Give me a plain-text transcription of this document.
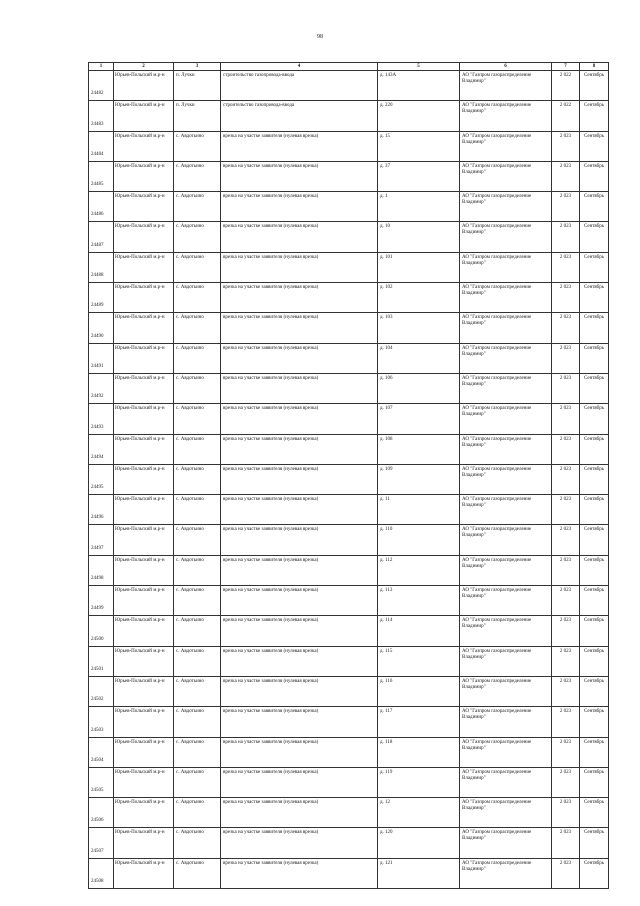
98
1	2	3	4	5	6	7	8
24482	Юрьев-Польский м.р-н	п. Лучки	строительство газопровода-ввода	д. 143А	АО "Газпром газораспределение Владимир"	2 022	Сентябрь
24483	Юрьев-Польский м.р-н	п. Лучки	строительство газопровода-ввода	д. 220	АО "Газпром газораспределение Владимир"	2 022	Сентябрь
24484	Юрьев-Польский м.р-н	с. Авдотьино	врезка на участке заявителя (нулевая врезка)	д. 15	АО "Газпром газораспределение Владимир"	2 023	Сентябрь
24485	Юрьев-Польский м.р-н	с. Авдотьино	врезка на участке заявителя (нулевая врезка)	д. 37	АО "Газпром газораспределение Владимир"	2 023	Сентябрь
24486	Юрьев-Польский м.р-н	с. Авдотьино	врезка на участке заявителя (нулевая врезка)	д. 1	АО "Газпром газораспределение Владимир"	2 023	Сентябрь
24487	Юрьев-Польский м.р-н	с. Авдотьино	врезка на участке заявителя (нулевая врезка)	д. 10	АО "Газпром газораспределение Владимир"	2 023	Сентябрь
24488	Юрьев-Польский м.р-н	с. Авдотьино	врезка на участке заявителя (нулевая врезка)	д. 101	АО "Газпром газораспределение Владимир"	2 023	Сентябрь
24489	Юрьев-Польский м.р-н	с. Авдотьино	врезка на участке заявителя (нулевая врезка)	д. 102	АО "Газпром газораспределение Владимир"	2 023	Сентябрь
24490	Юрьев-Польский м.р-н	с. Авдотьино	врезка на участке заявителя (нулевая врезка)	д. 103	АО "Газпром газораспределение Владимир"	2 023	Сентябрь
24491	Юрьев-Польский м.р-н	с. Авдотьино	врезка на участке заявителя (нулевая врезка)	д. 104	АО "Газпром газораспределение Владимир"	2 023	Сентябрь
24492	Юрьев-Польский м.р-н	с. Авдотьино	врезка на участке заявителя (нулевая врезка)	д. 106	АО "Газпром газораспределение Владимир"	2 023	Сентябрь
24493	Юрьев-Польский м.р-н	с. Авдотьино	врезка на участке заявителя (нулевая врезка)	д. 107	АО "Газпром газораспределение Владимир"	2 023	Сентябрь
24494	Юрьев-Польский м.р-н	с. Авдотьино	врезка на участке заявителя (нулевая врезка)	д. 108	АО "Газпром газораспределение Владимир"	2 023	Сентябрь
24495	Юрьев-Польский м.р-н	с. Авдотьино	врезка на участке заявителя (нулевая врезка)	д. 109	АО "Газпром газораспределение Владимир"	2 023	Сентябрь
24496	Юрьев-Польский м.р-н	с. Авдотьино	врезка на участке заявителя (нулевая врезка)	д. 11	АО "Газпром газораспределение Владимир"	2 023	Сентябрь
24497	Юрьев-Польский м.р-н	с. Авдотьино	врезка на участке заявителя (нулевая врезка)	д. 110	АО "Газпром газораспределение Владимир"	2 023	Сентябрь
24498	Юрьев-Польский м.р-н	с. Авдотьино	врезка на участке заявителя (нулевая врезка)	д. 112	АО "Газпром газораспределение Владимир"	2 023	Сентябрь
24499	Юрьев-Польский м.р-н	с. Авдотьино	врезка на участке заявителя (нулевая врезка)	д. 113	АО "Газпром газораспределение Владимир"	2 023	Сентябрь
24500	Юрьев-Польский м.р-н	с. Авдотьино	врезка на участке заявителя (нулевая врезка)	д. 114	АО "Газпром газораспределение Владимир"	2 023	Сентябрь
24501	Юрьев-Польский м.р-н	с. Авдотьино	врезка на участке заявителя (нулевая врезка)	д. 115	АО "Газпром газораспределение Владимир"	2 023	Сентябрь
24502	Юрьев-Польский м.р-н	с. Авдотьино	врезка на участке заявителя (нулевая врезка)	д. 116	АО "Газпром газораспределение Владимир"	2 023	Сентябрь
24503	Юрьев-Польский м.р-н	с. Авдотьино	врезка на участке заявителя (нулевая врезка)	д. 117	АО "Газпром газораспределение Владимир"	2 023	Сентябрь
24504	Юрьев-Польский м.р-н	с. Авдотьино	врезка на участке заявителя (нулевая врезка)	д. 118	АО "Газпром газораспределение Владимир"	2 023	Сентябрь
24505	Юрьев-Польский м.р-н	с. Авдотьино	врезка на участке заявителя (нулевая врезка)	д. 119	АО "Газпром газораспределение Владимир"	2 023	Сентябрь
24506	Юрьев-Польский м.р-н	с. Авдотьино	врезка на участке заявителя (нулевая врезка)	д. 12	АО "Газпром газораспределение Владимир"	2 023	Сентябрь
24507	Юрьев-Польский м.р-н	с. Авдотьино	врезка на участке заявителя (нулевая врезка)	д. 120	АО "Газпром газораспределение Владимир"	2 023	Сентябрь
24508	Юрьев-Польский м.р-н	с. Авдотьино	врезка на участке заявителя (нулевая врезка)	д. 121	АО "Газпром газораспределение Владимир"	2 023	Сентябрь
